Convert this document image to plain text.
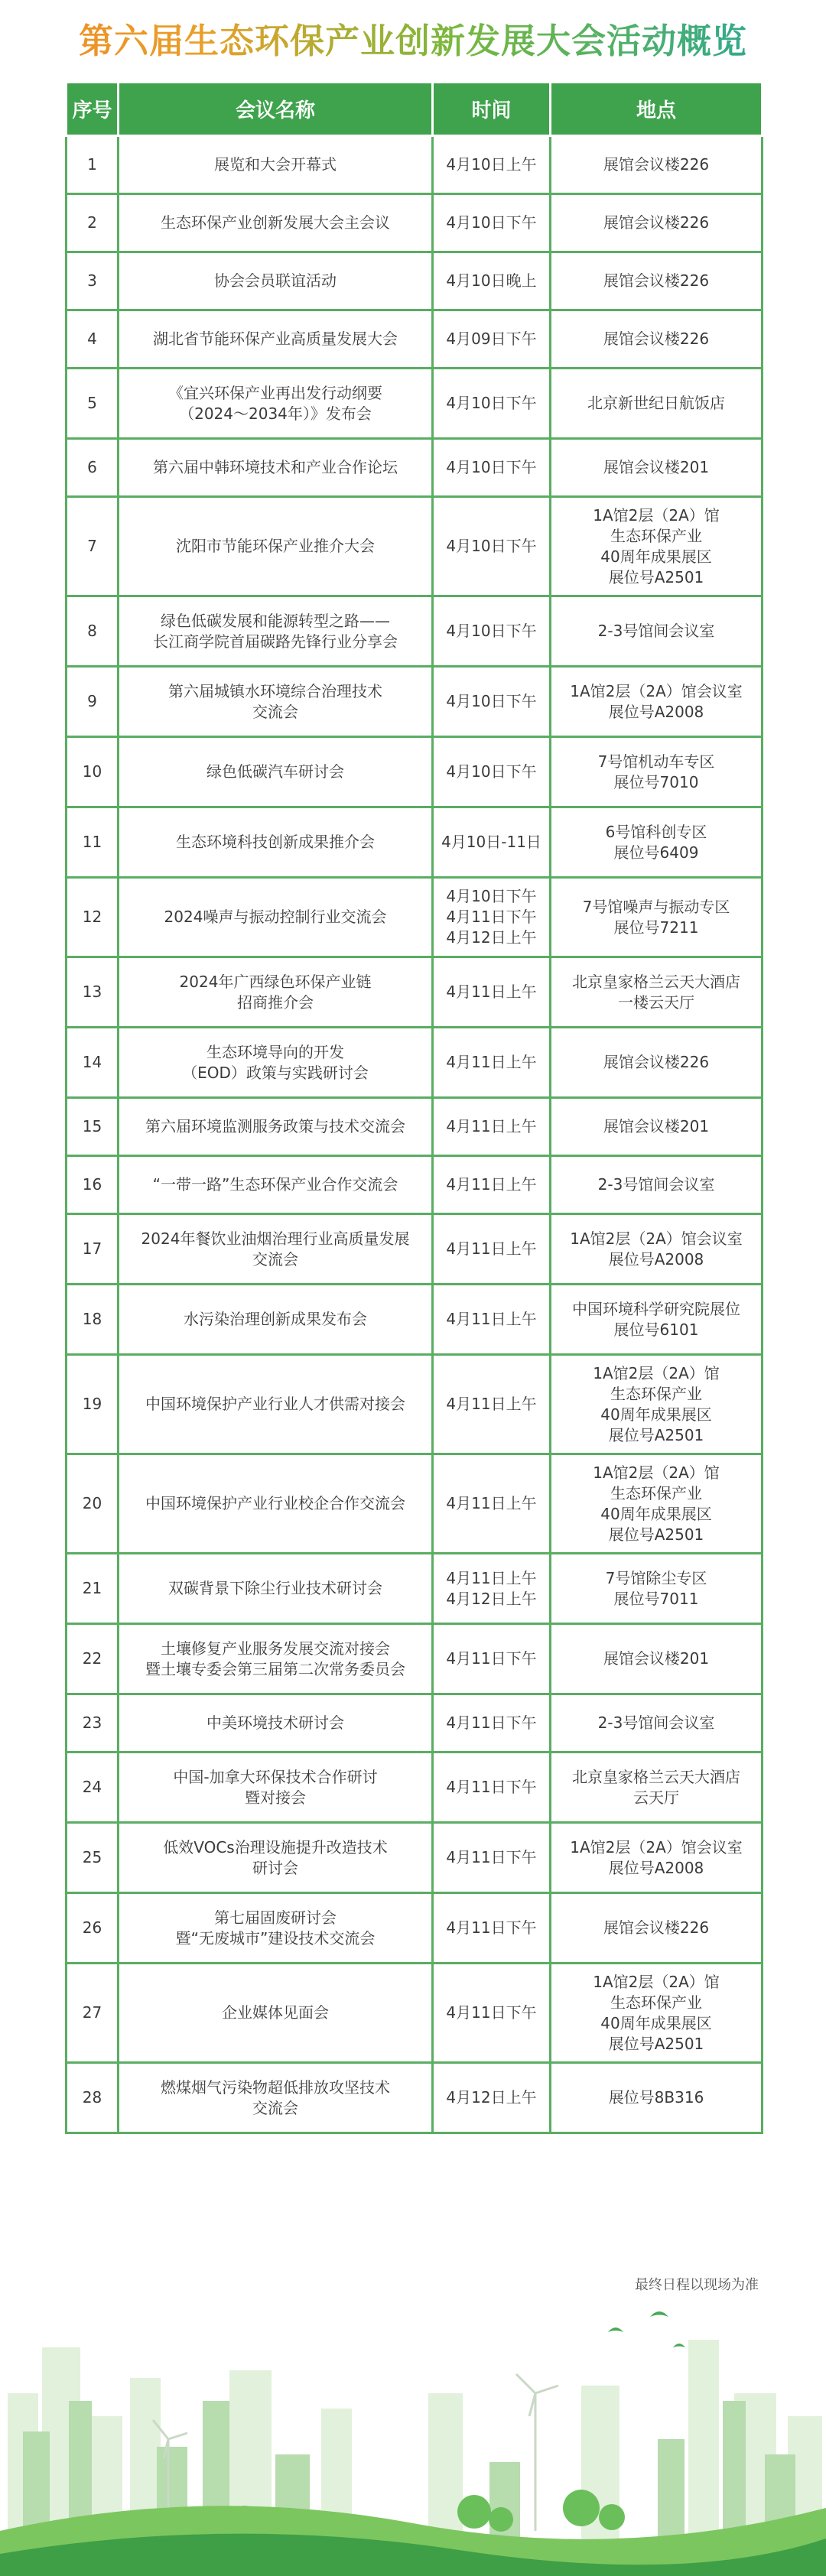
第六届生态环保产业创新发展大会活动概览
序号	会议名称	时间	地点
1	展览和大会开幕式	4月10日上午	展馆会议楼226
2	生态环保产业创新发展大会主会议	4月10日下午	展馆会议楼226
3	协会会员联谊活动	4月10日晚上	展馆会议楼226
4	湖北省节能环保产业高质量发展大会	4月09日下午	展馆会议楼226
5	《宜兴环保产业再出发行动纲要
（2024～2034年）》发布会	4月10日下午	北京新世纪日航饭店
6	第六届中韩环境技术和产业合作论坛	4月10日下午	展馆会议楼201
7	沈阳市节能环保产业推介大会	4月10日下午	1A馆2层（2A）馆
生态环保产业
40周年成果展区
展位号A2501
8	绿色低碳发展和能源转型之路——
长江商学院首届碳路先锋行业分享会	4月10日下午	2-3号馆间会议室
9	第六届城镇水环境综合治理技术
交流会	4月10日下午	1A馆2层（2A）馆会议室
展位号A2008
10	绿色低碳汽车研讨会	4月10日下午	7号馆机动车专区
展位号7010
11	生态环境科技创新成果推介会	4月10日-11日	6号馆科创专区
展位号6409
12	2024噪声与振动控制行业交流会	4月10日下午
4月11日下午
4月12日上午	7号馆噪声与振动专区
展位号7211
13	2024年广西绿色环保产业链
招商推介会	4月11日上午	北京皇家格兰云天大酒店
一楼云天厅
14	生态环境导向的开发
（EOD）政策与实践研讨会	4月11日上午	展馆会议楼226
15	第六届环境监测服务政策与技术交流会	4月11日上午	展馆会议楼201
16	“一带一路”生态环保产业合作交流会	4月11日上午	2-3号馆间会议室
17	2024年餐饮业油烟治理行业高质量发展
交流会	4月11日上午	1A馆2层（2A）馆会议室
展位号A2008
18	水污染治理创新成果发布会	4月11日上午	中国环境科学研究院展位
展位号6101
19	中国环境保护产业行业人才供需对接会	4月11日上午	1A馆2层（2A）馆
生态环保产业
40周年成果展区
展位号A2501
20	中国环境保护产业行业校企合作交流会	4月11日上午	1A馆2层（2A）馆
生态环保产业
40周年成果展区
展位号A2501
21	双碳背景下除尘行业技术研讨会	4月11日上午
4月12日上午	7号馆除尘专区
展位号7011
22	土壤修复产业服务发展交流对接会
暨土壤专委会第三届第二次常务委员会	4月11日下午	展馆会议楼201
23	中美环境技术研讨会	4月11日下午	2-3号馆间会议室
24	中国-加拿大环保技术合作研讨
暨对接会	4月11日下午	北京皇家格兰云天大酒店
云天厅
25	低效VOCs治理设施提升改造技术
研讨会	4月11日下午	1A馆2层（2A）馆会议室
展位号A2008
26	第七届固废研讨会
暨“无废城市”建设技术交流会	4月11日下午	展馆会议楼226
27	企业媒体见面会	4月11日下午	1A馆2层（2A）馆
生态环保产业
40周年成果展区
展位号A2501
28	燃煤烟气污染物超低排放攻坚技术
交流会	4月12日上午	展位号8B316
最终日程以现场为准
